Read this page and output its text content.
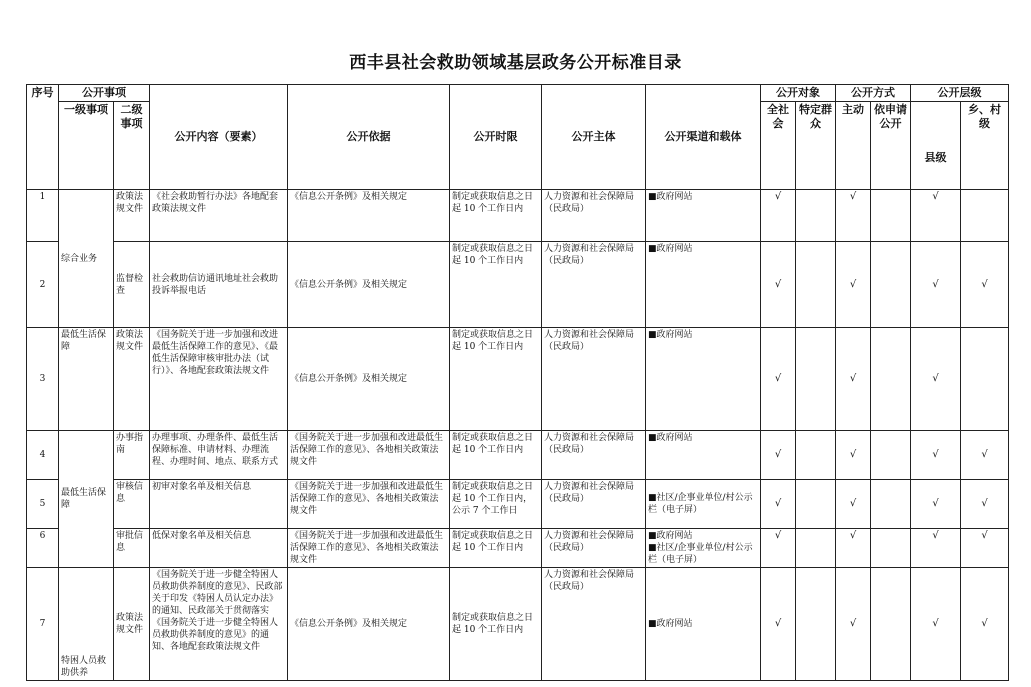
西丰县社会救助领域基层政务公开标准目录
序号	公开事项		公开内容（要素）	公开依据	公开时限	公开主体	公开渠道和载体	公开对象		公开方式		公开层级	
	一级事项	二级事项						全社会	特定群众	主动	依申请公开	县级	乡、村级
1	综合业务	政策法规文件	《社会救助暂行办法》各地配套政策法规文件	《信息公开条例》及相关规定	制定或获取信息之日起 10 个工作日内	人力资源和社会保障局（民政局）	■政府网站	√		√		√	
2		监督检查	社会救助信访通讯地址社会救助投诉举报电话	《信息公开条例》及相关规定	制定或获取信息之日起 10 个工作日内	人力资源和社会保障局（民政局）	■政府网站	√		√		√	√
3	最低生活保障	政策法规文件	《国务院关于进一步加强和改进最低生活保障工作的意见》、《最低生活保障审核审批办法（试行）》、各地配套政策法规文件	《信息公开条例》及相关规定	制定或获取信息之日起 10 个工作日内	人力资源和社会保障局（民政局）	■政府网站	√		√		√	
4	最低生活保障	办事指南	办理事项、办理条件、最低生活保障标准、申请材料、办理流程、办理时间、地点、联系方式	《国务院关于进一步加强和改进最低生活保障工作的意见》、各地相关政策法规文件	制定或获取信息之日起 10 个工作日内	人力资源和社会保障局（民政局）	■政府网站	√		√		√	√
5		审核信息	初审对象名单及相关信息	《国务院关于进一步加强和改进最低生活保障工作的意见》、各地相关政策法规文件	制定或获取信息之日起 10 个工作日内，公示 7 个工作日	人力资源和社会保障局（民政局）	■社区/企事业单位/村公示栏（电子屏）	√		√		√	√
6		审批信息	低保对象名单及相关信息	《国务院关于进一步加强和改进最低生活保障工作的意见》、各地相关政策法规文件	制定或获取信息之日起 10 个工作日内	人力资源和社会保障局（民政局）	■政府网站
■社区/企事业单位/村公示栏（电子屏）	√		√		√	√
7	特困人员救助供养	政策法规文件	《国务院关于进一步健全特困人员救助供养制度的意见》、民政部关于印发《特困人员认定办法》的通知、民政部关于贯彻落实《国务院关于进一步健全特困人员救助供养制度的意见》的通知、各地配套政策法规文件	《信息公开条例》及相关规定	制定或获取信息之日起 10 个工作日内	人力资源和社会保障局（民政局）	■政府网站	√		√		√	√
